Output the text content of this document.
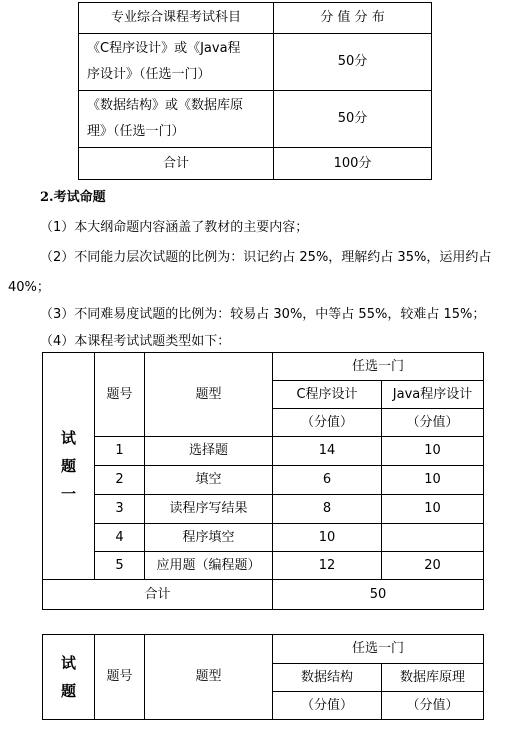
专业综合课程考试科目	分 值 分 布

《C程序设计》或《Java程
序设计》（任选一门）	50分

《数据结构》或《数据库原
理》（任选一门）	50分
合计	100分
2.考试命题
（1）本大纲命题内容涵盖了教材的主要内容；
（2）不同能力层次试题的比例为：识记约占 25%，理解约占 35%，运用约占
40%；
（3）不同难易度试题的比例为：较易占 30%，中等占 55%，较难占 15%；
（4）本课程考试试题类型如下：
试
题
一	题号	题型	任选一门	
			C程序设计	Java程序设计
			（分值）	（分值）
	1	选择题	14	10
	2	填空	6	10
	3	读程序写结果	8	10
	4	程序填空	10	
	5	应用题（编程题）	12	20
合计			50	
试
题	题号	题型	任选一门	
			数据结构	数据库原理
			（分值）	（分值）
